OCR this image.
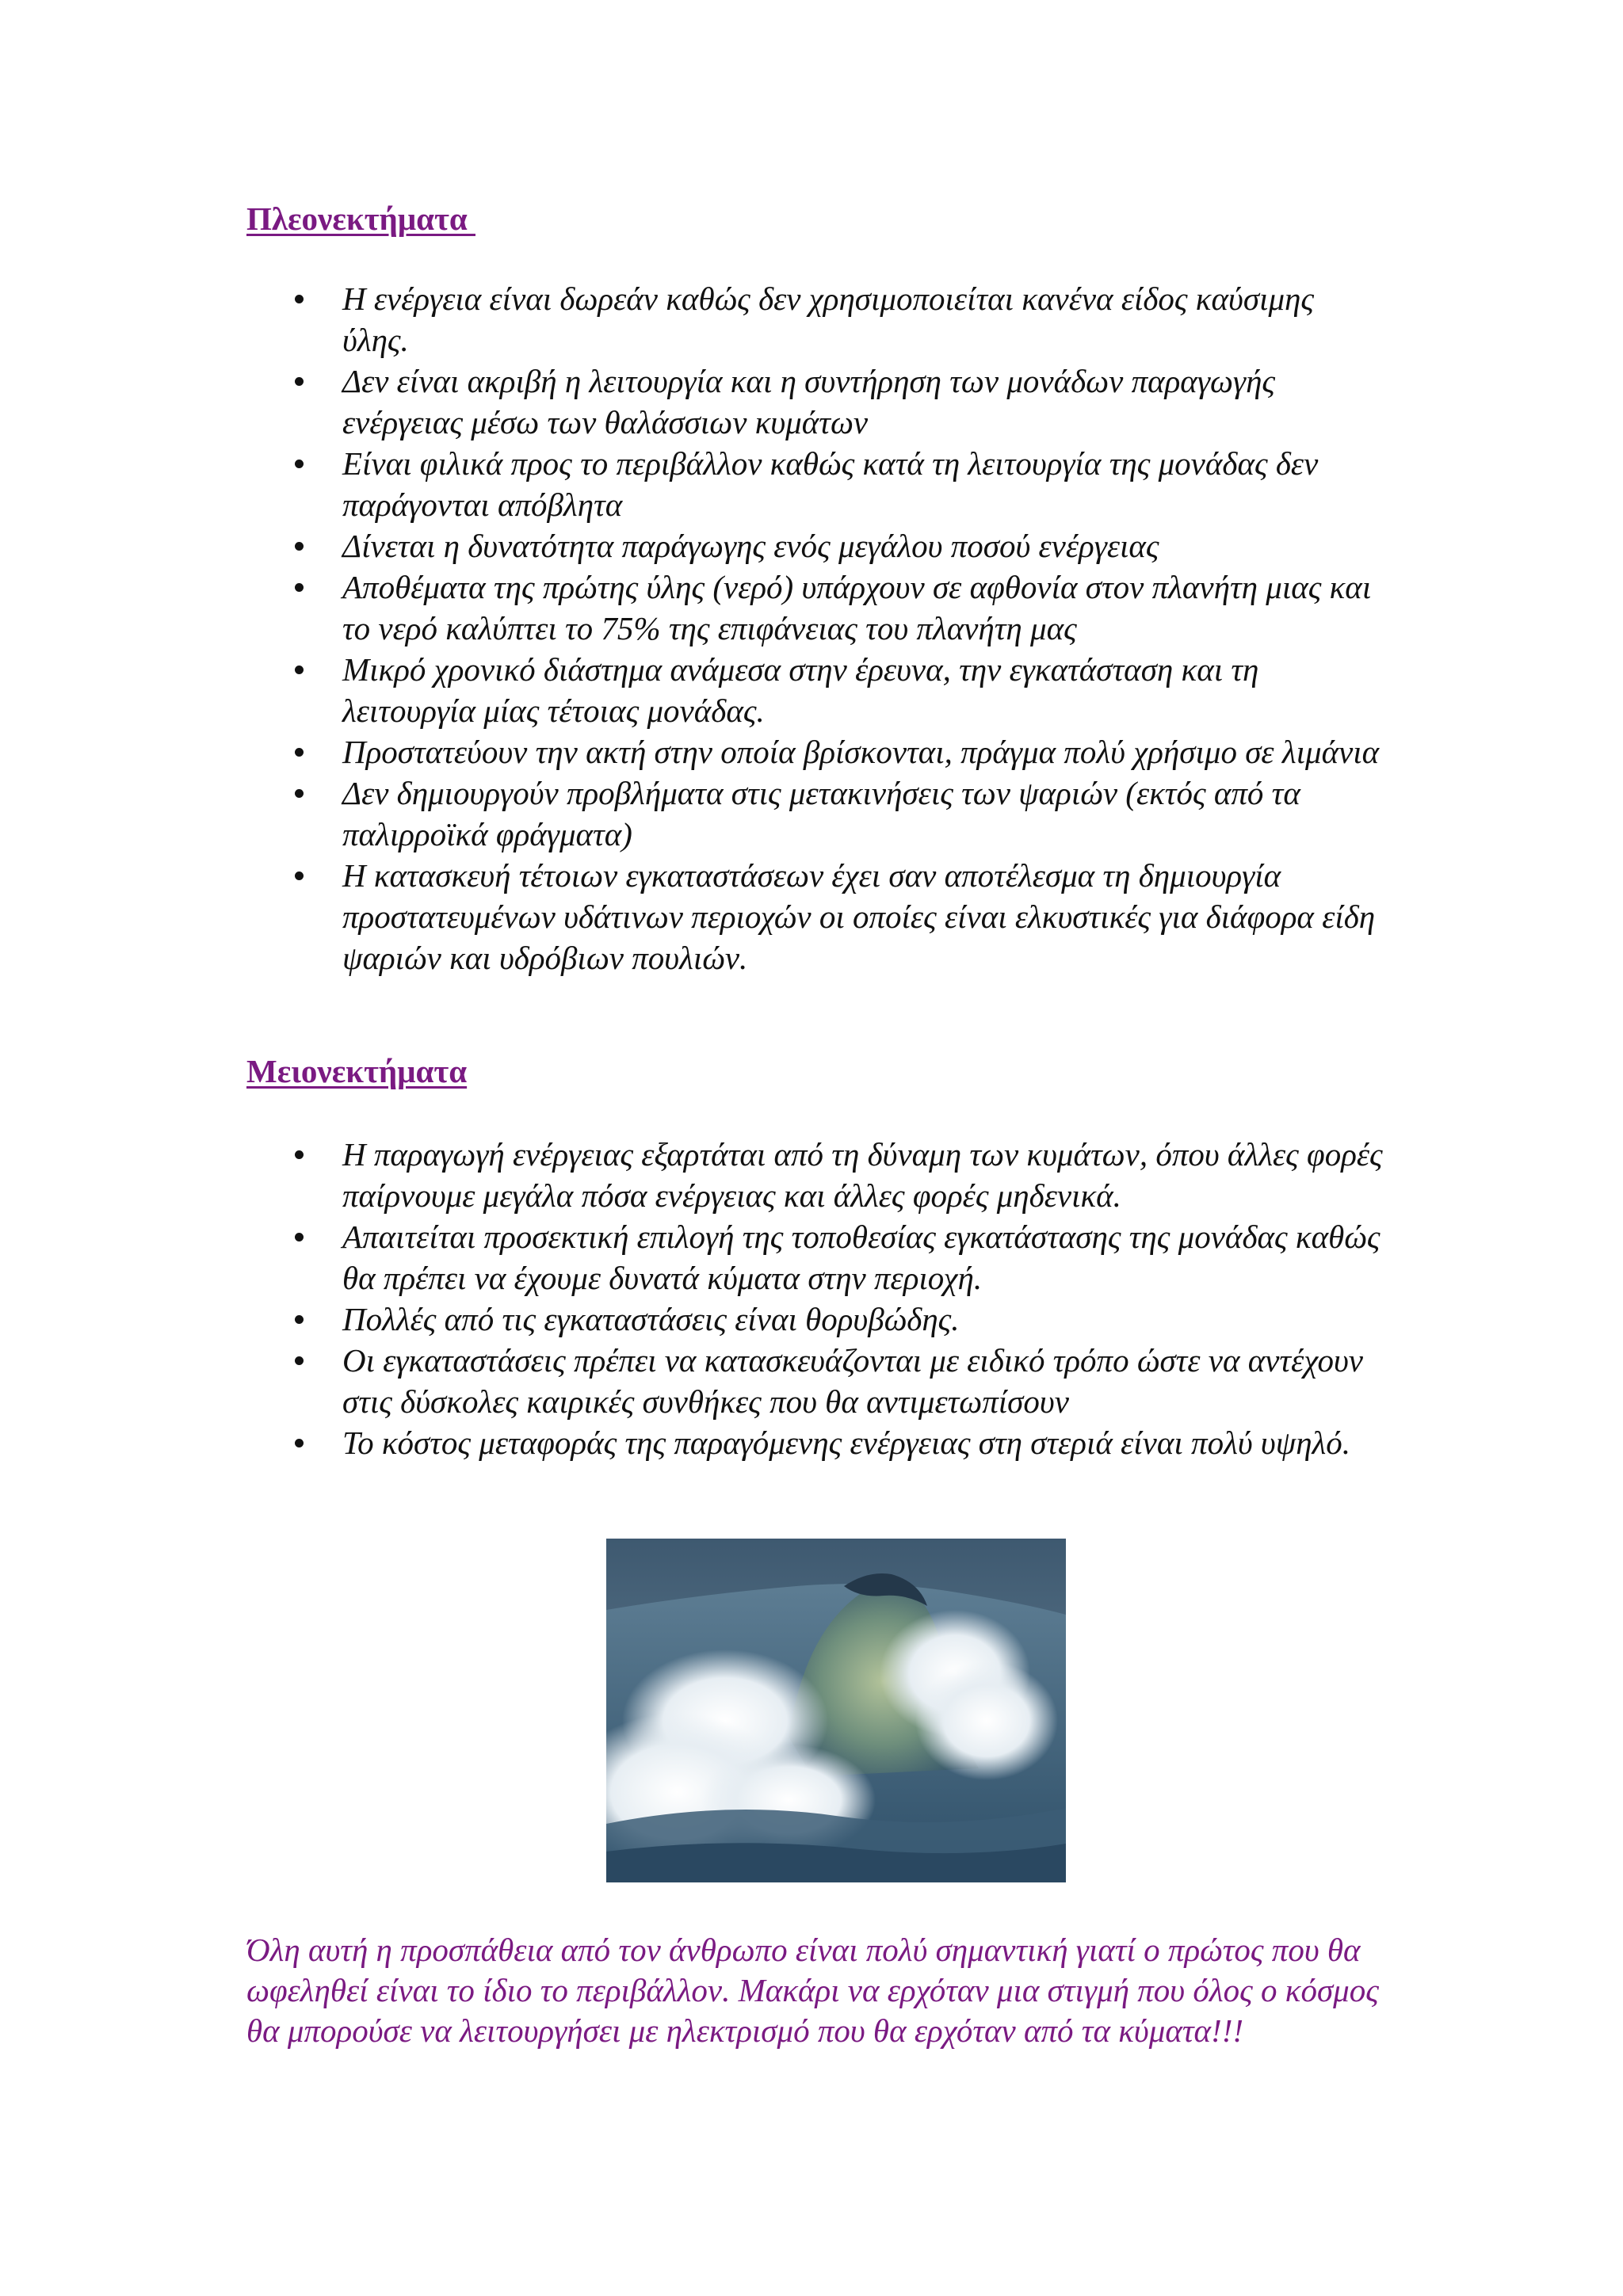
Πλεονεκτήματα
Η ενέργεια είναι δωρεάν καθώς δεν χρησιμοποιείται κανένα είδος καύσιμης ύλης.
Δεν είναι ακριβή η λειτουργία και η συντήρηση των μονάδων παραγωγής ενέργειας μέσω των θαλάσσιων κυμάτων
Είναι φιλικά προς το περιβάλλον καθώς κατά τη λειτουργία της μονάδας δεν παράγονται απόβλητα
Δίνεται η δυνατότητα παράγωγης ενός μεγάλου ποσού ενέργειας
Αποθέματα της πρώτης ύλης (νερό) υπάρχουν σε αφθονία στον πλανήτη μιας και το νερό καλύπτει το 75% της επιφάνειας του πλανήτη μας
Μικρό χρονικό διάστημα ανάμεσα στην έρευνα, την εγκατάσταση και τη λειτουργία μίας τέτοιας μονάδας.
Προστατεύουν την ακτή στην οποία βρίσκονται, πράγμα πολύ χρήσιμο σε λιμάνια
Δεν δημιουργούν προβλήματα στις μετακινήσεις των ψαριών (εκτός από τα παλιρροϊκά φράγματα)
Η κατασκευή τέτοιων εγκαταστάσεων έχει σαν αποτέλεσμα τη δημιουργία προστατευμένων υδάτινων περιοχών οι οποίες είναι ελκυστικές για διάφορα είδη ψαριών και υδρόβιων πουλιών.
Μειονεκτήματα
Η παραγωγή ενέργειας εξαρτάται από τη δύναμη των κυμάτων, όπου άλλες φορές παίρνουμε μεγάλα πόσα ενέργειας και άλλες φορές μηδενικά.
Απαιτείται προσεκτική επιλογή της τοποθεσίας εγκατάστασης της μονάδας καθώς θα πρέπει να έχουμε δυνατά κύματα στην περιοχή.
Πολλές από τις εγκαταστάσεις είναι θορυβώδης.
Οι εγκαταστάσεις πρέπει να κατασκευάζονται με ειδικό τρόπο ώστε να αντέχουν στις δύσκολες καιρικές συνθήκες που θα αντιμετωπίσουν
Το κόστος μεταφοράς της παραγόμενης ενέργειας στη στεριά είναι πολύ υψηλό.

Όλη αυτή η προσπάθεια από τον άνθρωπο είναι πολύ σημαντική γιατί ο πρώτος που θα ωφεληθεί είναι το ίδιο το περιβάλλον. Μακάρι να ερχόταν μια στιγμή που όλος ο κόσμος θα μπορούσε να λειτουργήσει με ηλεκτρισμό που θα ερχόταν από τα κύματα!!!
